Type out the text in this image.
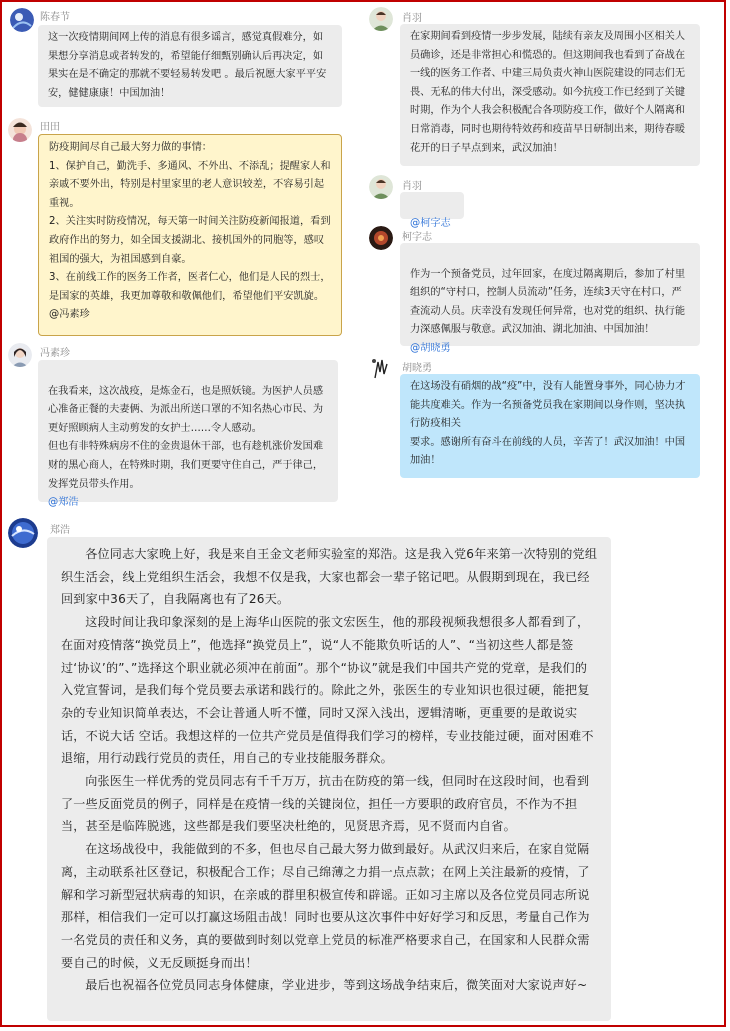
陈春节
这一次疫情期间网上传的消息有很多谣言，感觉真假难分，如果想分享消息或者转发的，希望能仔细甄别确认后再决定，如果实在是不确定的那就不要轻易转发吧 。最后祝愿大家平平安安，健健康康！中国加油！
田田
防疫期间尽自己最大努力做的事情：
1、保护自己，勤洗手、多通风、不外出、不添乱；提醒家人和亲戚不要外出，特别是村里家里的老人意识较差，不容易引起重视。
2、关注实时防疫情况，每天第一时间关注防疫新闻报道，看到政府作出的努力，如全国支援湖北、接机国外的同胞等，感叹祖国的强大，为祖国感到自豪。
3、在前线工作的医务工作者，医者仁心，他们是人民的烈士，是国家的英雄，我更加尊敬和敬佩他们，希望他们平安凯旋。@冯素珍
冯素珍

在我看来，这次战疫，是炼金石，也是照妖镜。为医护人员感心准备正餐的夫妻俩、为派出所送口罩的不知名热心市民、为更好照顾病人主动剪发的女护士……令人感动。
但也有非特殊病房不住的金贵退休干部，也有趁机涨价发国难财的黑心商人，在特殊时期，我们更要守住自己，严于律己，发挥党员带头作用。

@郑浩

肖羽
在家期间看到疫情一步步发展，陆续有亲友及周围小区相关人员确诊，还是非常担心和慌恐的。但这期间我也看到了奋战在一线的医务工作者、中建三局负责火神山医院建设的同志们无畏、无私的伟大付出，深受感动。如今抗疫工作已经到了关键时期，作为个人我会积极配合各项防疫工作，做好个人隔离和日常消毒，同时也期待特效药和疫苗早日研制出来，期待春暖花开的日子早点到来，武汉加油！
肖羽

@柯字志

柯字志

作为一个预备党员，过年回家，在度过隔离期后，参加了村里组织的“守村口，控制人员流动”任务，连续3天守在村口，严查流动人员。庆幸没有发现任何异常，也对党的组织、执行能力深感佩服与敬意。武汉加油、湖北加油、中国加油！

@胡晓勇

胡晓勇
在这场没有硝烟的战“疫”中，没有人能置身事外，同心协力才能共度难关。作为一名预备党员我在家期间以身作则，坚决执行防疫相关
要求。感谢所有奋斗在前线的人员，辛苦了！武汉加油！中国加油！
郑浩

各位同志大家晚上好，我是来自王金文老师实验室的郑浩。这是我入党6年来第一次特别的党组织生活会，线上党组织生活会，我想不仅是我，大家也都会一辈子铭记吧。从假期到现在，我已经回到家中36天了，自我隔离也有了26天。

这段时间让我印象深刻的是上海华山医院的张文宏医生，他的那段视频我想很多人都看到了，在面对疫情落“换党员上”，他选择“换党员上”，说“人不能欺负听话的人”、“当初这些人都是签过‘协议’的”、”选择这个职业就必须冲在前面”。那个“协议”就是我们中国共产党的党章，是我们的入党宣誓词，是我们每个党员要去承诺和践行的。除此之外，张医生的专业知识也很过硬，能把复杂的专业知识简单表达，不会让普通人听不懂，同时又深入浅出，逻辑清晰，更重要的是敢说实话，不说大话 空话。我想这样的一位共产党员是值得我们学习的榜样，专业技能过硬，面对困难不退缩，用行动践行党员的责任，用自己的专业技能服务群众。

向张医生一样优秀的党员同志有千千万万，抗击在防疫的第一线，但同时在这段时间，也看到了一些反面党员的例子，同样是在疫情一线的关键岗位，担任一方要职的政府官员，不作为不担当，甚至是临阵脱逃，这些都是我们要坚决杜绝的，见贤思齐焉，见不贤而内自省。

在这场战役中，我能做到的不多，但也尽自己最大努力做到最好。从武汉归来后，在家自觉隔离，主动联系社区登记，积极配合工作；尽自己绵薄之力捐一点点款；在网上关注最新的疫情，了解和学习新型冠状病毒的知识，在亲戚的群里积极宣传和辟谣。正如习主席以及各位党员同志所说那样，相信我们一定可以打赢这场阻击战！同时也要从这次事件中好好学习和反思，考量自己作为一名党员的责任和义务，真的要做到时刻以党章上党员的标准严格要求自己，在国家和人民群众需要自己的时候，义无反顾挺身而出！

最后也祝福各位党员同志身体健康，学业进步，等到这场战争结束后，微笑面对大家说声好~
